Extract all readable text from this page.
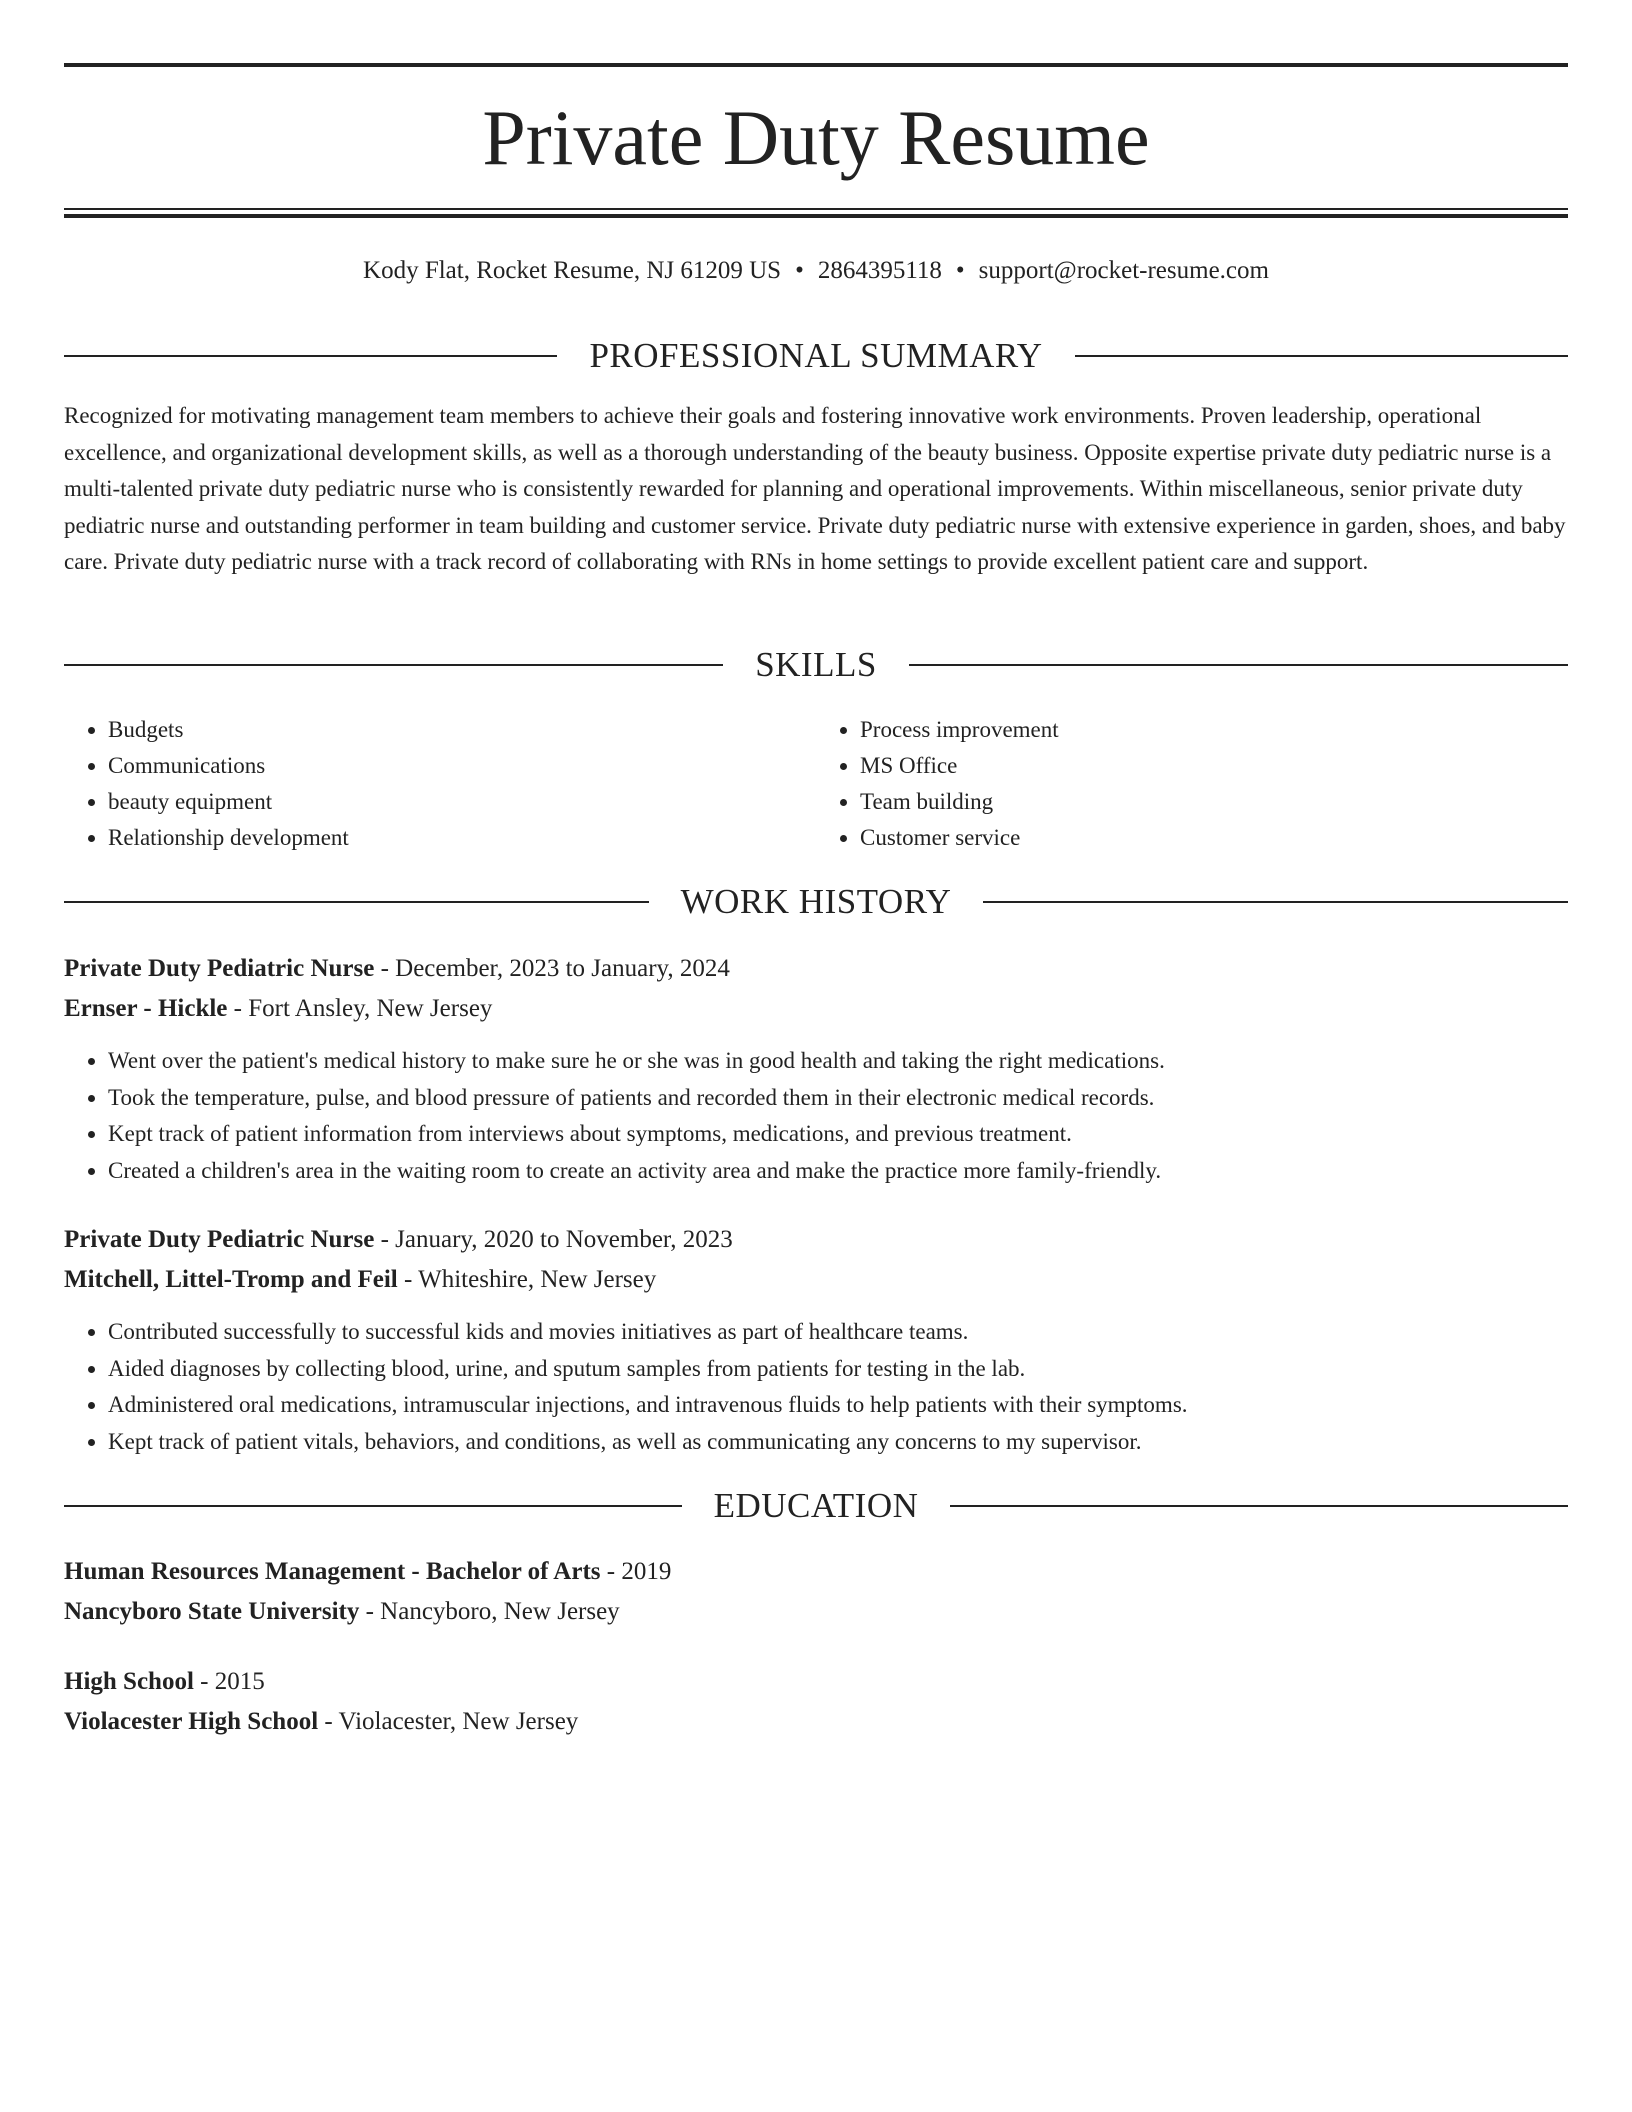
Private Duty Resume
Kody Flat, Rocket Resume, NJ 61209 US • 2864395118 • support@rocket-resume.com
PROFESSIONAL SUMMARY

Recognized for motivating management team members to achieve their goals and fostering innovative work environments. Proven leadership, operational excellence, and organizational development skills, as well as a thorough understanding of the beauty business. Opposite expertise private duty pediatric nurse is a multi-talented private duty pediatric nurse who is consistently rewarded for planning and operational improvements. Within miscellaneous, senior private duty pediatric nurse and outstanding performer in team building and customer service. Private duty pediatric nurse with extensive experience in garden, shoes, and baby care. Private duty pediatric nurse with a track record of collaborating with RNs in home settings to provide excellent patient care and support.

SKILLS
• Budgets
• Communications
• beauty equipment
• Relationship development
• Process improvement
• MS Office
• Team building
• Customer service
WORK HISTORY
Private Duty Pediatric Nurse - December, 2023 to January, 2024
Ernser - Hickle - Fort Ansley, New Jersey
• Went over the patient's medical history to make sure he or she was in good health and taking the right medications.
• Took the temperature, pulse, and blood pressure of patients and recorded them in their electronic medical records.
• Kept track of patient information from interviews about symptoms, medications, and previous treatment.
• Created a children's area in the waiting room to create an activity area and make the practice more family-friendly.
Private Duty Pediatric Nurse - January, 2020 to November, 2023
Mitchell, Littel-Tromp and Feil - Whiteshire, New Jersey
• Contributed successfully to successful kids and movies initiatives as part of healthcare teams.
• Aided diagnoses by collecting blood, urine, and sputum samples from patients for testing in the lab.
• Administered oral medications, intramuscular injections, and intravenous fluids to help patients with their symptoms.
• Kept track of patient vitals, behaviors, and conditions, as well as communicating any concerns to my supervisor.
EDUCATION
Human Resources Management - Bachelor of Arts - 2019
Nancyboro State University - Nancyboro, New Jersey
High School - 2015
Violacester High School - Violacester, New Jersey
